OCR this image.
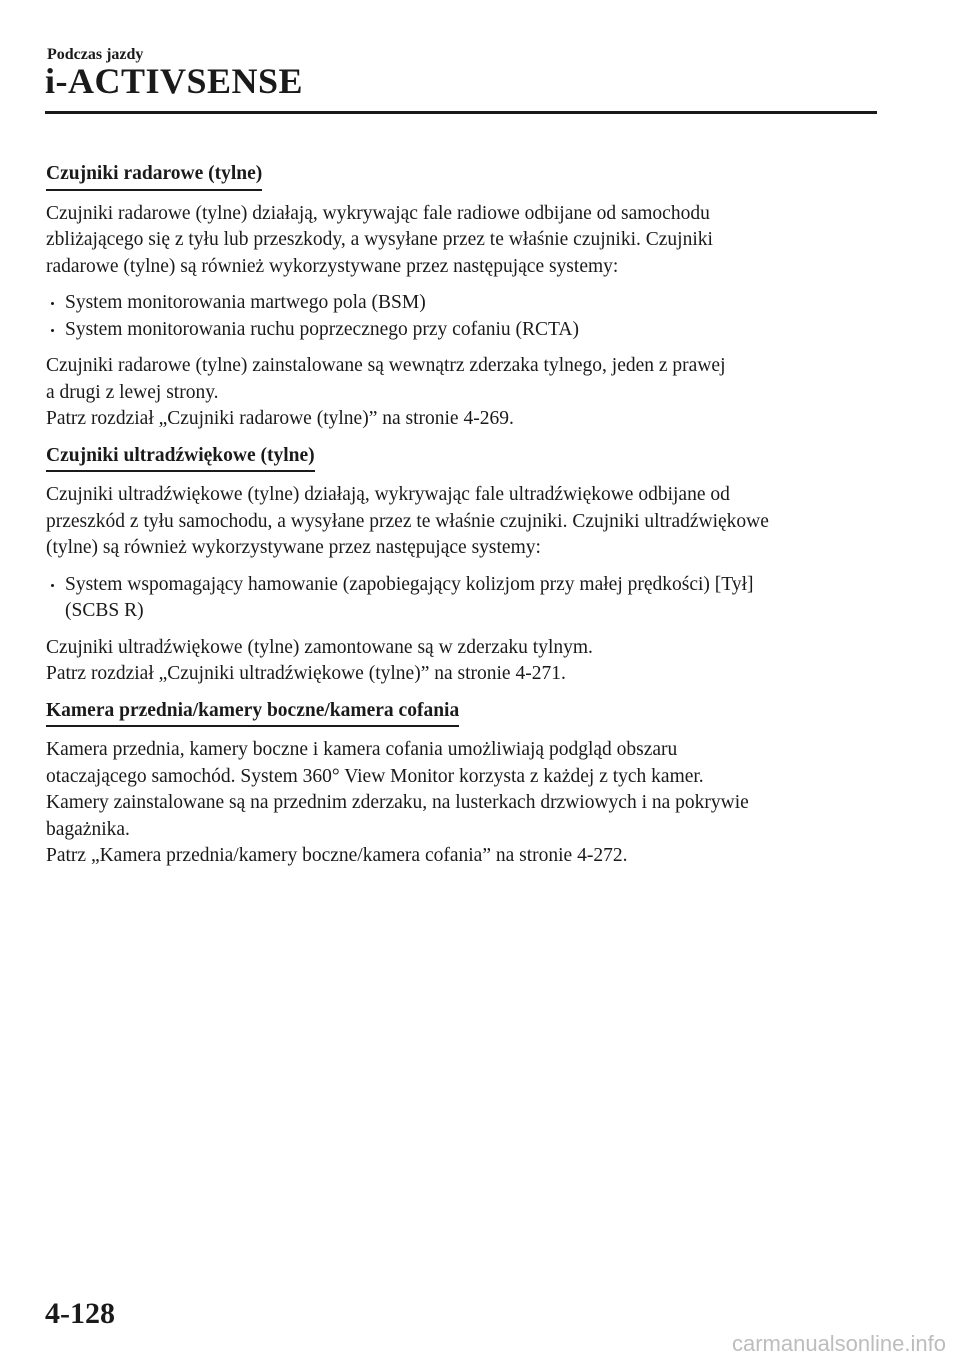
Podczas jazdy
i-ACTIVSENSE
Czujniki radarowe (tylne)
Czujniki radarowe (tylne) działają, wykrywając fale radiowe odbijane od samochodu
zbliżającego się z tyłu lub przeszkody, a wysyłane przez te właśnie czujniki. Czujniki
radarowe (tylne) są również wykorzystywane przez następujące systemy:
System monitorowania martwego pola (BSM)
System monitorowania ruchu poprzecznego przy cofaniu (RCTA)
Czujniki radarowe (tylne) zainstalowane są wewnątrz zderzaka tylnego, jeden z prawej
a drugi z lewej strony.
Patrz rozdział „Czujniki radarowe (tylne)” na stronie 4-269.
Czujniki ultradźwiękowe (tylne)
Czujniki ultradźwiękowe (tylne) działają, wykrywając fale ultradźwiękowe odbijane od
przeszkód z tyłu samochodu, a wysyłane przez te właśnie czujniki. Czujniki ultradźwiękowe
(tylne) są również wykorzystywane przez następujące systemy:
System wspomagający hamowanie (zapobiegający kolizjom przy małej prędkości) [Tył]
(SCBS R)
Czujniki ultradźwiękowe (tylne) zamontowane są w zderzaku tylnym.
Patrz rozdział „Czujniki ultradźwiękowe (tylne)” na stronie 4-271.
Kamera przednia/kamery boczne/kamera cofania
Kamera przednia, kamery boczne i kamera cofania umożliwiają podgląd obszaru
otaczającego samochód. System 360° View Monitor korzysta z każdej z tych kamer.
Kamery zainstalowane są na przednim zderzaku, na lusterkach drzwiowych i na pokrywie
bagażnika.
Patrz „Kamera przednia/kamery boczne/kamera cofania” na stronie 4-272.
4-128
carmanualsonline.info
